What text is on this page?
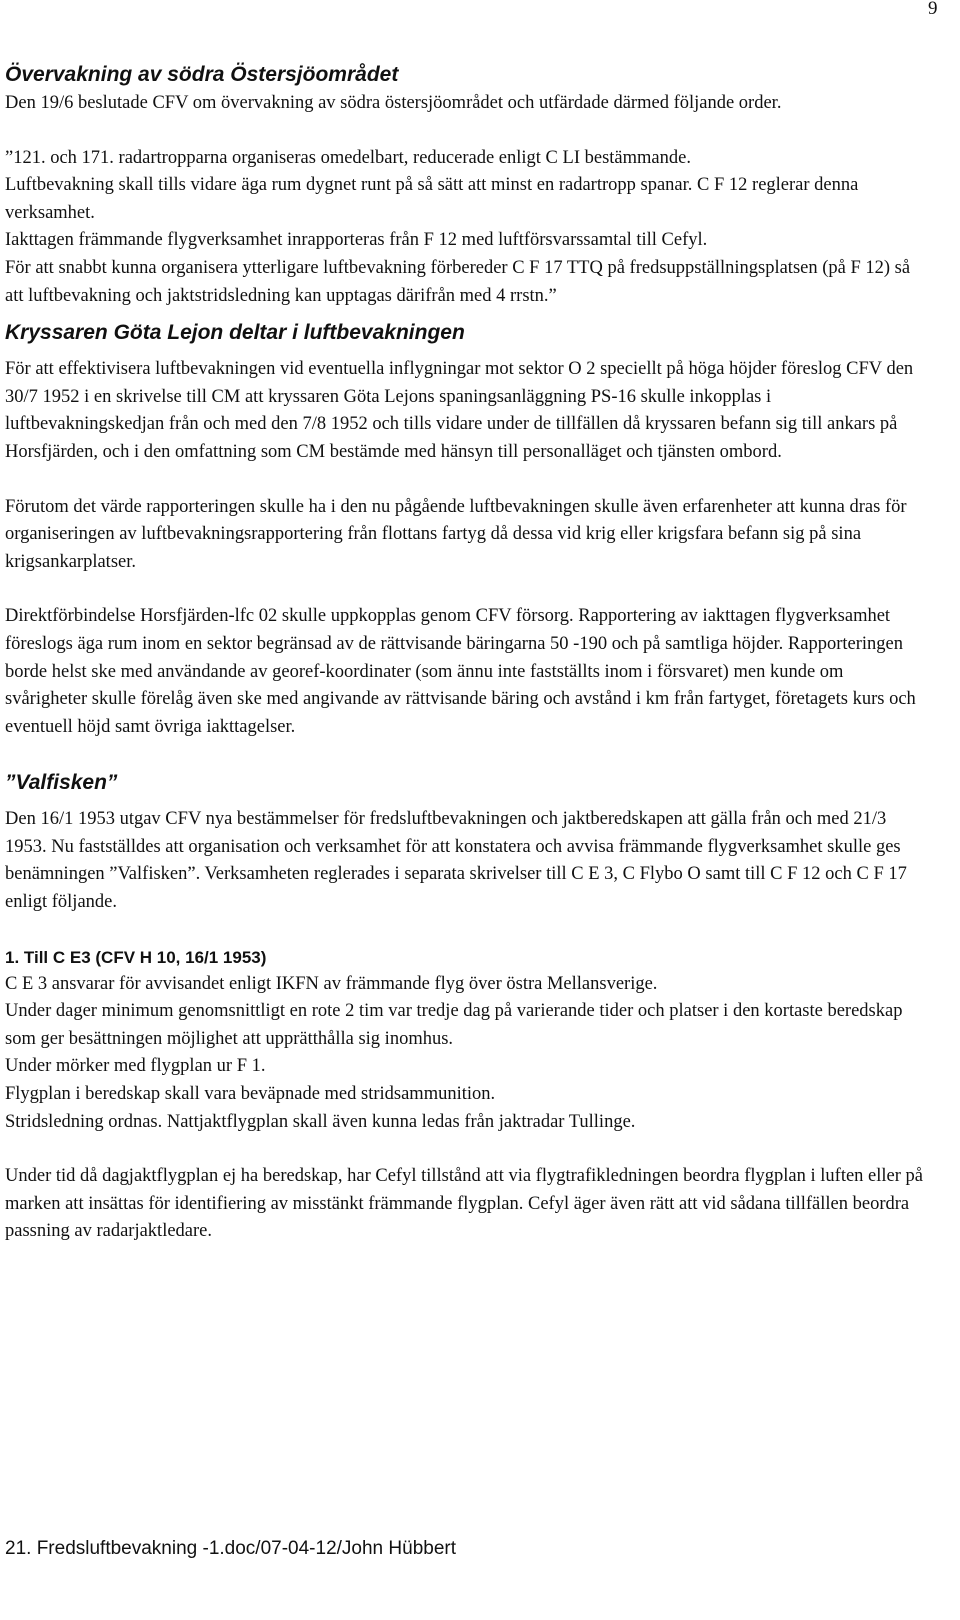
9
Övervakning av södra Östersjöområdet

Den 19/6 beslutade CFV om övervakning av södra östersjöområdet och utfärdade därmed följande order.

”121. och 171. radartropparna organiseras omedelbart, reducerade enligt C LI bestämmande.

Luftbevakning skall tills vidare äga rum dygnet runt på så sätt att minst en radartropp spanar. C F 12 reglerar denna verksamhet.

Iakttagen främmande flygverksamhet inrapporteras från F 12 med luftförsvarssamtal till Cefyl.

För att snabbt kunna organisera ytterligare luftbevakning förbereder C F 17 TTQ på fredsuppställningsplatsen (på F 12) så att luftbevakning och jaktstridsledning kan upptagas därifrån med 4 rrstn.”

Kryssaren Göta Lejon deltar i luftbevakningen

För att effektivisera luftbevakningen vid eventuella inflygningar mot sektor O 2 speciellt på höga höjder föreslog CFV den 30/7 1952 i en skrivelse till CM att kryssaren Göta Lejons spaningsanläggning PS-16 skulle inkopplas i luftbevakningskedjan från och med den 7/8 1952 och tills vidare under de tillfällen då kryssaren befann sig till ankars på Horsfjärden, och i den omfattning som CM bestämde med hänsyn till personalläget och tjänsten ombord.

Förutom det värde rapporteringen skulle ha i den nu pågående luftbevakningen skulle även erfarenheter att kunna dras för organiseringen av luftbevakningsrapportering från flottans fartyg då dessa vid krig eller krigsfara befann sig på sina krigsankarplatser.

Direktförbindelse Horsfjärden-lfc 02 skulle uppkopplas genom CFV försorg. Rapportering av iakttagen flygverksamhet föreslogs äga rum inom en sektor begränsad av de rättvisande bäringarna 50 -190 och på samtliga höjder. Rapporteringen borde helst ske med användande av georef-koordinater (som ännu inte fastställts inom i försvaret) men kunde om svårigheter skulle förelåg även ske med angivande av rättvisande bäring och avstånd i km från fartyget, företagets kurs och eventuell höjd samt övriga iakttagelser.

”Valfisken”

Den 16/1 1953 utgav CFV nya bestämmelser för fredsluftbevakningen och jaktberedskapen att gälla från och med 21/3 1953. Nu fastställdes att organisation och verksamhet för att konstatera och avvisa främmande flygverksamhet skulle ges benämningen ”Valfisken”. Verksamheten reglerades i separata skrivelser till C E 3, C Flybo O samt till C F 12 och C F 17 enligt följande.

1. Till C E3 (CFV H 10, 16/1 1953)

C E 3 ansvarar för avvisandet enligt IKFN av främmande flyg över östra Mellansverige.

Under dager minimum genomsnittligt en rote 2 tim var tredje dag på varierande tider och platser i den kortaste beredskap som ger besättningen möjlighet att upprätthålla sig inomhus.

Under mörker med flygplan ur F 1.

Flygplan i beredskap skall vara beväpnade med stridsammunition.

Stridsledning ordnas. Nattjaktflygplan skall även kunna ledas från jaktradar Tullinge.

Under tid då dagjaktflygplan ej ha beredskap, har Cefyl tillstånd att via flygtrafikledningen beordra flygplan i luften eller på marken att insättas för identifiering av misstänkt främmande flygplan. Cefyl äger även rätt att vid sådana tillfällen beordra passning av radarjaktledare.

21. Fredsluftbevakning -1.doc/07-04-12/John Hübbert
